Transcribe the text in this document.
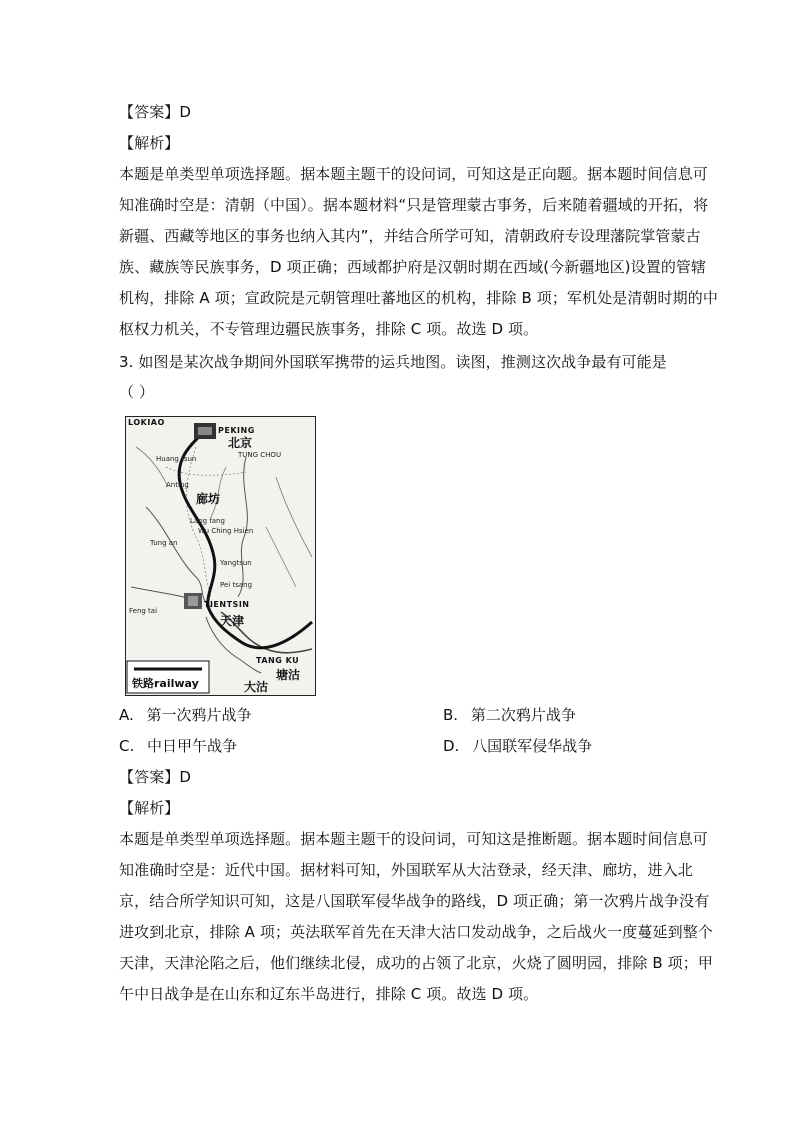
【答案】D
【解析】
本题是单类型单项选择题。据本题主题干的设问词，可知这是正向题。据本题时间信息可
知准确时空是：清朝（中国）。据本题材料“只是管理蒙古事务，后来随着疆域的开拓，将
新疆、西藏等地区的事务也纳入其内”，并结合所学可知，清朝政府专设理藩院掌管蒙古
族、藏族等民族事务，D 项正确；西域都护府是汉朝时期在西域(今新疆地区)设置的管辖
机构，排除 A 项；宣政院是元朝管理吐蕃地区的机构，排除 B 项；军机处是清朝时期的中
枢权力机关，不专管理边疆民族事务，排除 C 项。故选 D 项。
3. 如图是某次战争期间外国联军携带的运兵地图。读图，推测这次战争最有可能是
（ ）
LOKIAO
PEKING
TUNG CHOU
Huang tsun
Anting
Lang fang
Wu Ching Hsien
Tung an
Yangtsun
Pei tsang
Feng tai
TIENTSIN
TANG KU
北京
廊坊
天津
塘沽
大沽
铁路railway
A. 第一次鸦片战争	B. 第二次鸦片战争
C. 中日甲午战争	D. 八国联军侵华战争
【答案】D
【解析】
本题是单类型单项选择题。据本题主题干的设问词，可知这是推断题。据本题时间信息可
知准确时空是：近代中国。据材料可知，外国联军从大沽登录，经天津、廊坊，进入北
京，结合所学知识可知，这是八国联军侵华战争的路线，D 项正确；第一次鸦片战争没有
进攻到北京，排除 A 项；英法联军首先在天津大沽口发动战争，之后战火一度蔓延到整个
天津，天津沦陷之后，他们继续北侵，成功的占领了北京，火烧了圆明园，排除 B 项；甲
午中日战争是在山东和辽东半岛进行，排除 C 项。故选 D 项。
